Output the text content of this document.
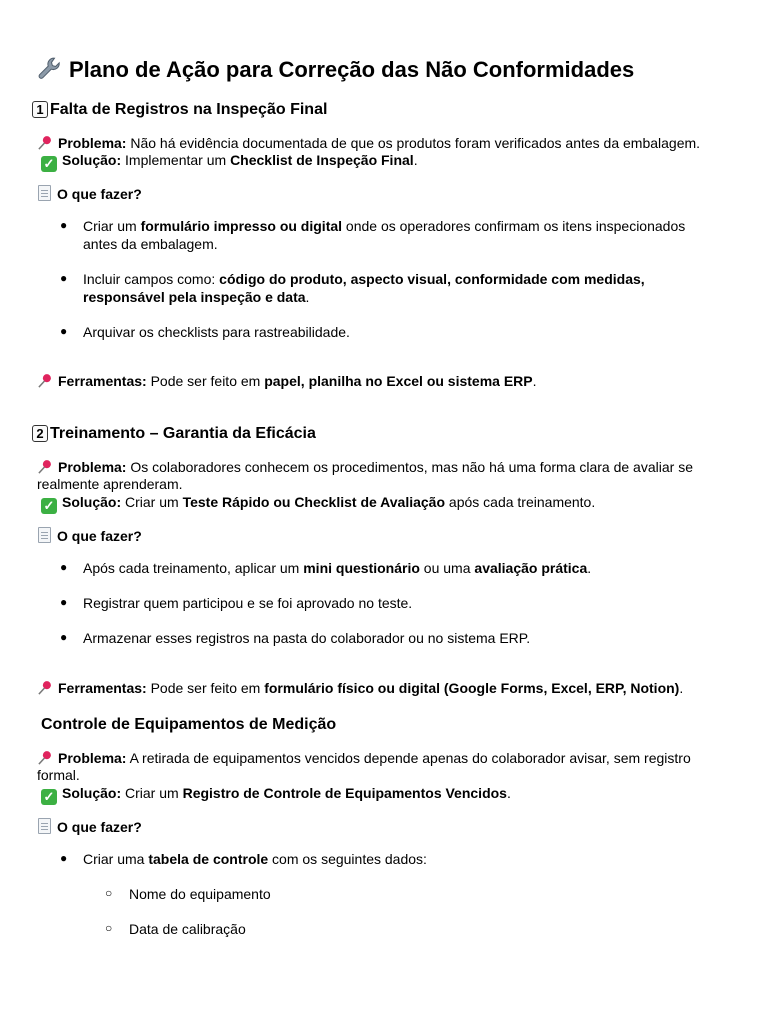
Plano de Ação para Correção das Não Conformidades
1 Falta de Registros na Inspeção Final

Problema: Não há evidência documentada de que os produtos foram verificados antes da embalagem.

✓ Solução: Implementar um Checklist de Inspeção Final.

O que fazer?

● Criar um formulário impresso ou digital onde os operadores confirmam os itens inspecionados
antes da embalagem.
● Incluir campos como: código do produto, aspecto visual, conformidade com medidas,
responsável pela inspeção e data.
● Arquivar os checklists para rastreabilidade.

Ferramentas: Pode ser feito em papel, planilha no Excel ou sistema ERP.

2 Treinamento – Garantia da Eficácia

Problema: Os colaboradores conhecem os procedimentos, mas não há uma forma clara de avaliar se

realmente aprenderam.

✓ Solução: Criar um Teste Rápido ou Checklist de Avaliação após cada treinamento.

O que fazer?

● Após cada treinamento, aplicar um mini questionário ou uma avaliação prática.
● Registrar quem participou e se foi aprovado no teste.
● Armazenar esses registros na pasta do colaborador ou no sistema ERP.

Ferramentas: Pode ser feito em formulário físico ou digital (Google Forms, Excel, ERP, Notion).

Controle de Equipamentos de Medição

Problema: A retirada de equipamentos vencidos depende apenas do colaborador avisar, sem registro

formal.

✓ Solução: Criar um Registro de Controle de Equipamentos Vencidos.

O que fazer?

● Criar uma tabela de controle com os seguintes dados:
○ Nome do equipamento
○ Data de calibração
